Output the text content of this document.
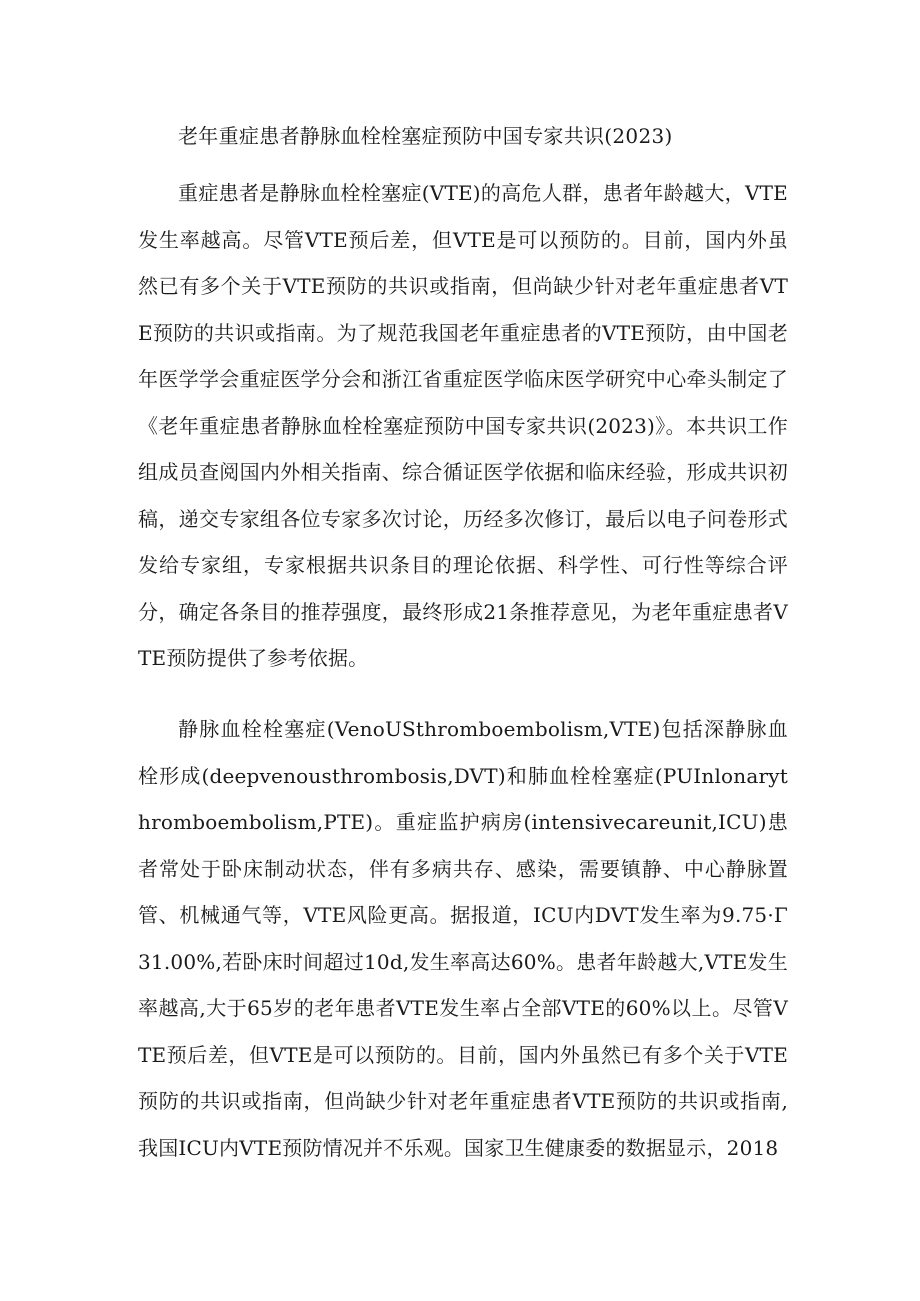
老年重症患者静脉血栓栓塞症预防中国专家共识(2023)

重症患者是静脉血栓栓塞症(VTE)的高危人群，患者年龄越大，VTE发生率越高。尽管VTE预后差，但VTE是可以预防的。目前，国内外虽然已有多个关于VTE预防的共识或指南，但尚缺少针对老年重症患者VTE预防的共识或指南。为了规范我国老年重症患者的VTE预防，由中国老年医学学会重症医学分会和浙江省重症医学临床医学研究中心牵头制定了《老年重症患者静脉血栓栓塞症预防中国专家共识(2023)》。本共识工作组成员查阅国内外相关指南、综合循证医学依据和临床经验，形成共识初稿，递交专家组各位专家多次讨论，历经多次修订，最后以电子问卷形式发给专家组，专家根据共识条目的理论依据、科学性、可行性等综合评分，确定各条目的推荐强度，最终形成21条推荐意见，为老年重症患者VTE预防提供了参考依据。

静脉血栓栓塞症(VenoUSthromboembolism,VTE)包括深静脉血栓形成(deepvenousthrombosis,DVT)和肺血栓栓塞症(PUInlonarythromboembolism,PTE)。重症监护病房(intensivecareunit,ICU)患者常处于卧床制动状态，伴有多病共存、感染，需要镇静、中心静脉置管、机械通气等，VTE风险更高。据报道，ICU内DVT发生率为9.75·Γ31.00%,若卧床时间超过10d,发生率高达60%。患者年龄越大,VTE发生率越高,大于65岁的老年患者VTE发生率占全部VTE的60%以上。尽管VTE预后差，但VTE是可以预防的。目前，国内外虽然已有多个关于VTE预防的共识或指南，但尚缺少针对老年重症患者VTE预防的共识或指南,我国ICU内VTE预防情况并不乐观。国家卫生健康委的数据显示，2018
